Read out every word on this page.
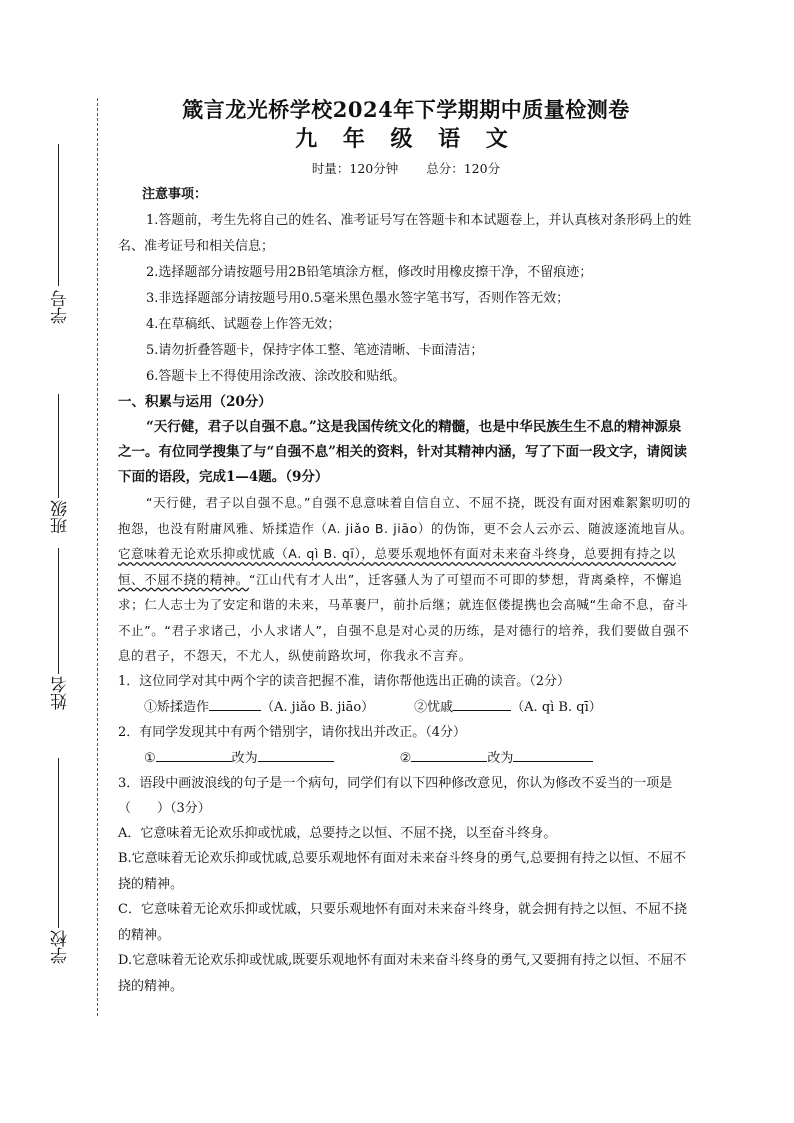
学号
班级
姓名
学校
箴言龙光桥学校2024年下学期期中质量检测卷
九 年 级 语 文

时量：120分钟 总分：120分

注意事项：

1.答题前，考生先将自己的姓名、准考证号写在答题卡和本试题卷上，并认真核对条形码上的姓名、准考证号和相关信息；

2.选择题部分请按题号用2B铅笔填涂方框，修改时用橡皮擦干净，不留痕迹；

3.非选择题部分请按题号用0.5毫米黑色墨水签字笔书写，否则作答无效；

4.在草稿纸、试题卷上作答无效；

5.请勿折叠答题卡，保持字体工整、笔迹清晰、卡面清洁；

6.答题卡上不得使用涂改液、涂改胶和贴纸。

一、积累与运用（20分）

“天行健，君子以自强不息。”这是我国传统文化的精髓，也是中华民族生生不息的精神源泉之一。有位同学搜集了与“自强不息”相关的资料，针对其精神内涵，写了下面一段文字，请阅读下面的语段，完成1—4题。（9分）

“天行健，君子以自强不息。”自强不息意味着自信自立、不屈不挠，既没有面对困难絮絮叨叨的抱怨，也没有附庸风雅、矫揉造作（A. jiǎo B. jiāo）的伪饰，更不会人云亦云、随波逐流地盲从。它意味着无论欢乐抑或忧戚（A. qì B. qī），总要乐观地怀有面对未来奋斗终身，总要拥有持之以恒、不屈不挠的精神。“江山代有才人出”，迁客骚人为了可望而不可即的梦想，背离桑梓，不懈追求；仁人志士为了安定和谐的未来，马革裹尸，前扑后继；就连伛偻提携也会高喊“生命不息，奋斗不止”。“君子求诸己，小人求诸人”，自强不息是对心灵的历练，是对德行的培养，我们要做自强不息的君子，不怨天，不尤人，纵使前路坎坷，你我永不言弃。

1．这位同学对其中两个字的读音把握不准，请你帮他选出正确的读音。（2分）

①矫揉造作	（A. jiǎo B. jiāo）	②忧戚	（A. qì B. qī）

2．有同学发现其中有两个错别字，请你找出并改正。（4分）

①	改为	②	改为

3．语段中画波浪线的句子是一个病句，同学们有以下四种修改意见，你认为修改不妥当的一项是（　　）（3分）

A．它意味着无论欢乐抑或忧戚，总要持之以恒、不屈不挠，以至奋斗终身。

B.它意味着无论欢乐抑或忧戚,总要乐观地怀有面对未来奋斗终身的勇气,总要拥有持之以恒、不屈不挠的精神。

C．它意味着无论欢乐抑或忧戚，只要乐观地怀有面对未来奋斗终身，就会拥有持之以恒、不屈不挠的精神。

D.它意味着无论欢乐抑或忧戚,既要乐观地怀有面对未来奋斗终身的勇气,又要拥有持之以恒、不屈不挠的精神。
